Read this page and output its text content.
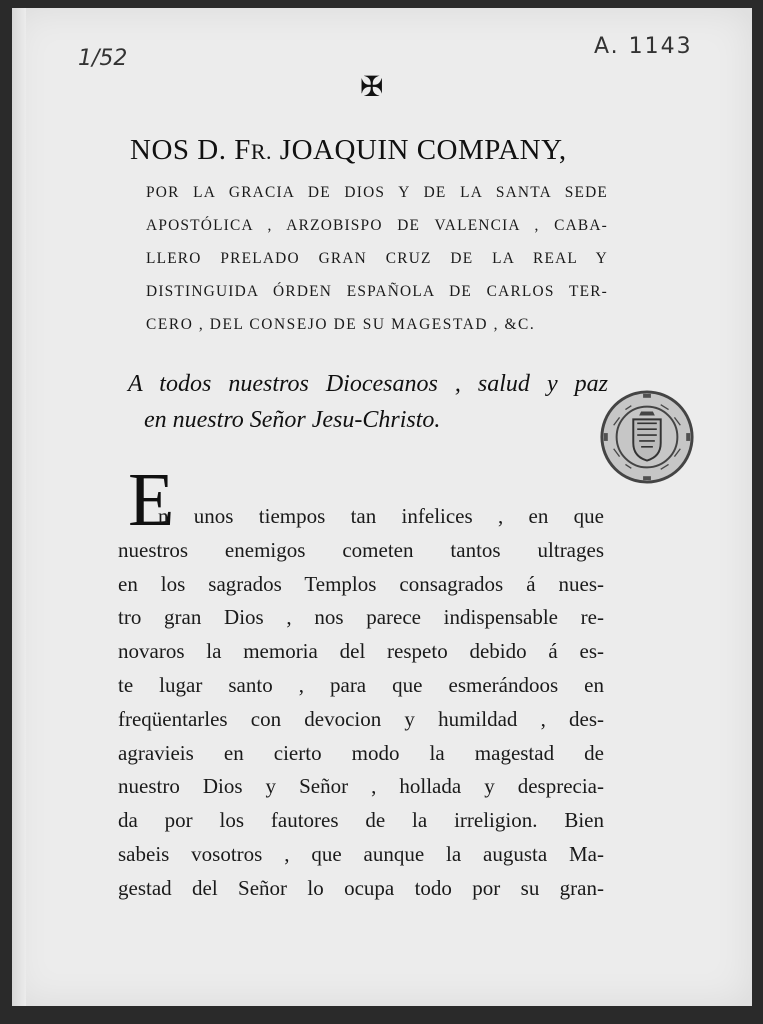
1/52	A. 1143
✠
NOS D. FR. JOAQUIN COMPANY,
POR LA GRACIA DE DIOS Y DE LA SANTA SEDE
APOSTÓLICA , ARZOBISPO DE VALENCIA , CABA-
LLERO PRELADO GRAN CRUZ DE LA REAL Y
DISTINGUIDA ÓRDEN ESPAÑOLA DE CARLOS TER-
CERO , DEL CONSEJO DE SU MAGESTAD , &C.
A todos nuestros Diocesanos , salud y paz
en nuestro Señor Jesu-Christo.
E
n unos tiempos tan infelices , en que
nuestros enemigos cometen tantos ultrages
en los sagrados Templos consagrados á nues-
tro gran Dios , nos parece indispensable re-
novaros la memoria del respeto debido á es-
te lugar santo , para que esmerándoos en
freqüentarles con devocion y humildad , des-
agravieis en cierto modo la magestad de
nuestro Dios y Señor , hollada y desprecia-
da por los fautores de la irreligion. Bien
sabeis vosotros , que aunque la augusta Ma-
gestad del Señor lo ocupa todo por su gran-
